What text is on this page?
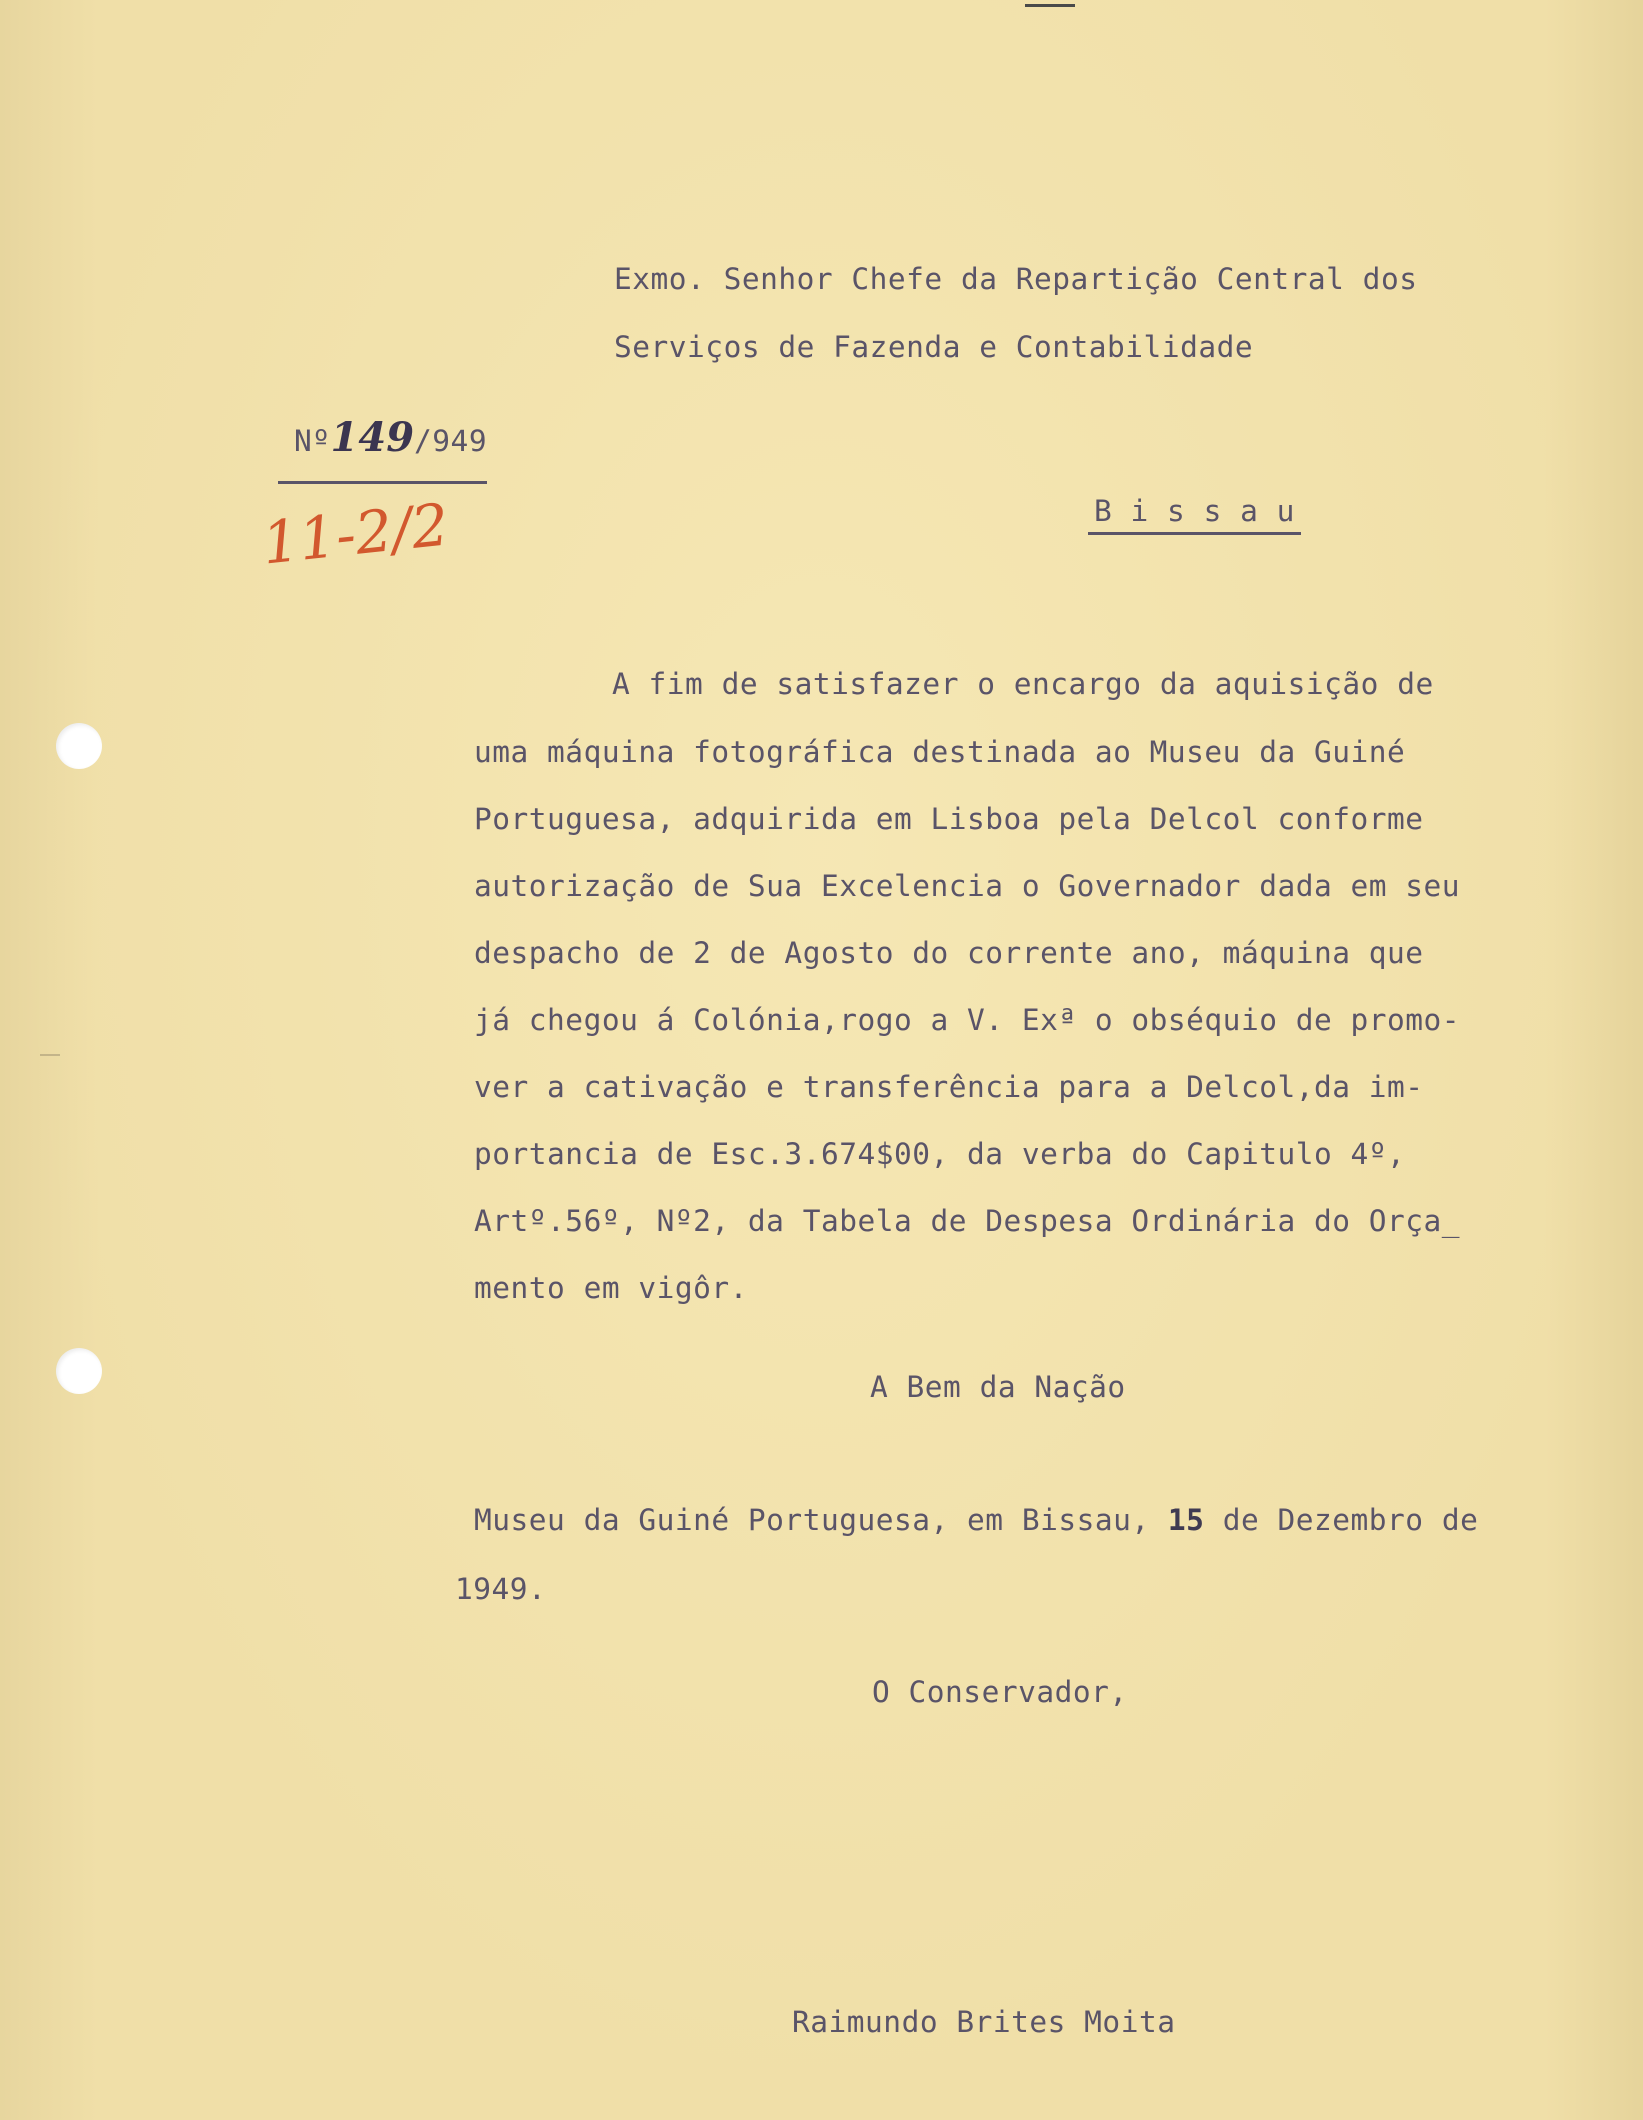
Exmo. Senhor Chefe da Repartição Central dos
Serviços de Fazenda e Contabilidade

Nº149/949

11-2/2	B i s s a u
A fim de satisfazer o encargo da aquisição de
uma máquina fotográfica destinada ao Museu da Guiné
Portuguesa, adquirida em Lisboa pela Delcol conforme
autorização de Sua Excelencia o Governador dada em seu
despacho de 2 de Agosto do corrente ano, máquina que
já chegou á Colónia,rogo a V. Exª o obséquio de promo-
ver a cativação e transferência para a Delcol,da im-
portancia de Esc.3.674$00, da verba do Capitulo 4º,
Artº.56º, Nº2, da Tabela de Despesa Ordinária do Orça_
mento em vigôr.
A Bem da Nação
Museu da Guiné Portuguesa, em Bissau, 15 de Dezembro de
1949.
O Conservador,
Raimundo Brites Moita
